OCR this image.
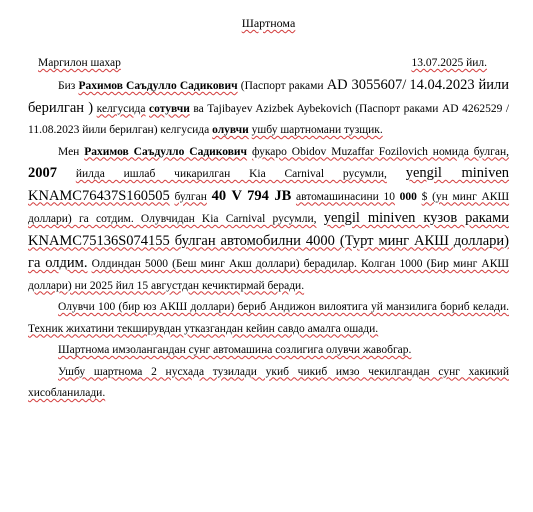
Шартнома
Маргилон шахар	13.07.2025 йил.

Биз Рахимов Саъдулло Садикович (Паспорт раками AD 3055607/ 14.04.2023 йили берилган ) келгусида сотувчи ва Tajibayev Azizbek Aybekovich (Паспорт раками AD 4262529 / 11.08.2023 йили берилган) келгусида олувчи ушбу шартномани тузщик.

Мен Рахимов Саъдулло Садикович фукаро Obidov Muzaffar Fozilovich номида булган, 2007 йилда ишлаб чикарилган Kia Carnival русумли, yengil miniven KNAMC76437S160505 булган 40 V 794 JB автомашинасини 10 000 $ (ун минг АКШ доллари) га сотдим. Олувчидан Kia Carnival русумли, yengil miniven кузов раками KNAMC75136S074155 булган автомобилни 4000 (Турт минг АКШ доллари) га олдим. Олдиндан 5000 (Беш минг Акш доллари) берадилар. Колган 1000 (Бир минг АКШ доллари) ни 2025 йил 15 августдан кечиктирмай беради.

Олувчи 100 (бир юз АКШ доллари) бериб Андижон вилоятига уй манзилига бориб келади. Техник жихатини текширувдан утказгандан кейин савдо амалга ошади.

Шартнома имзолангандан сунг автомашина созлигига олувчи жавобгар.

Ушбу шартнома 2 нусхада тузилади укиб чикиб имзо чекилгандан сунг хакикий хисобланилади.
